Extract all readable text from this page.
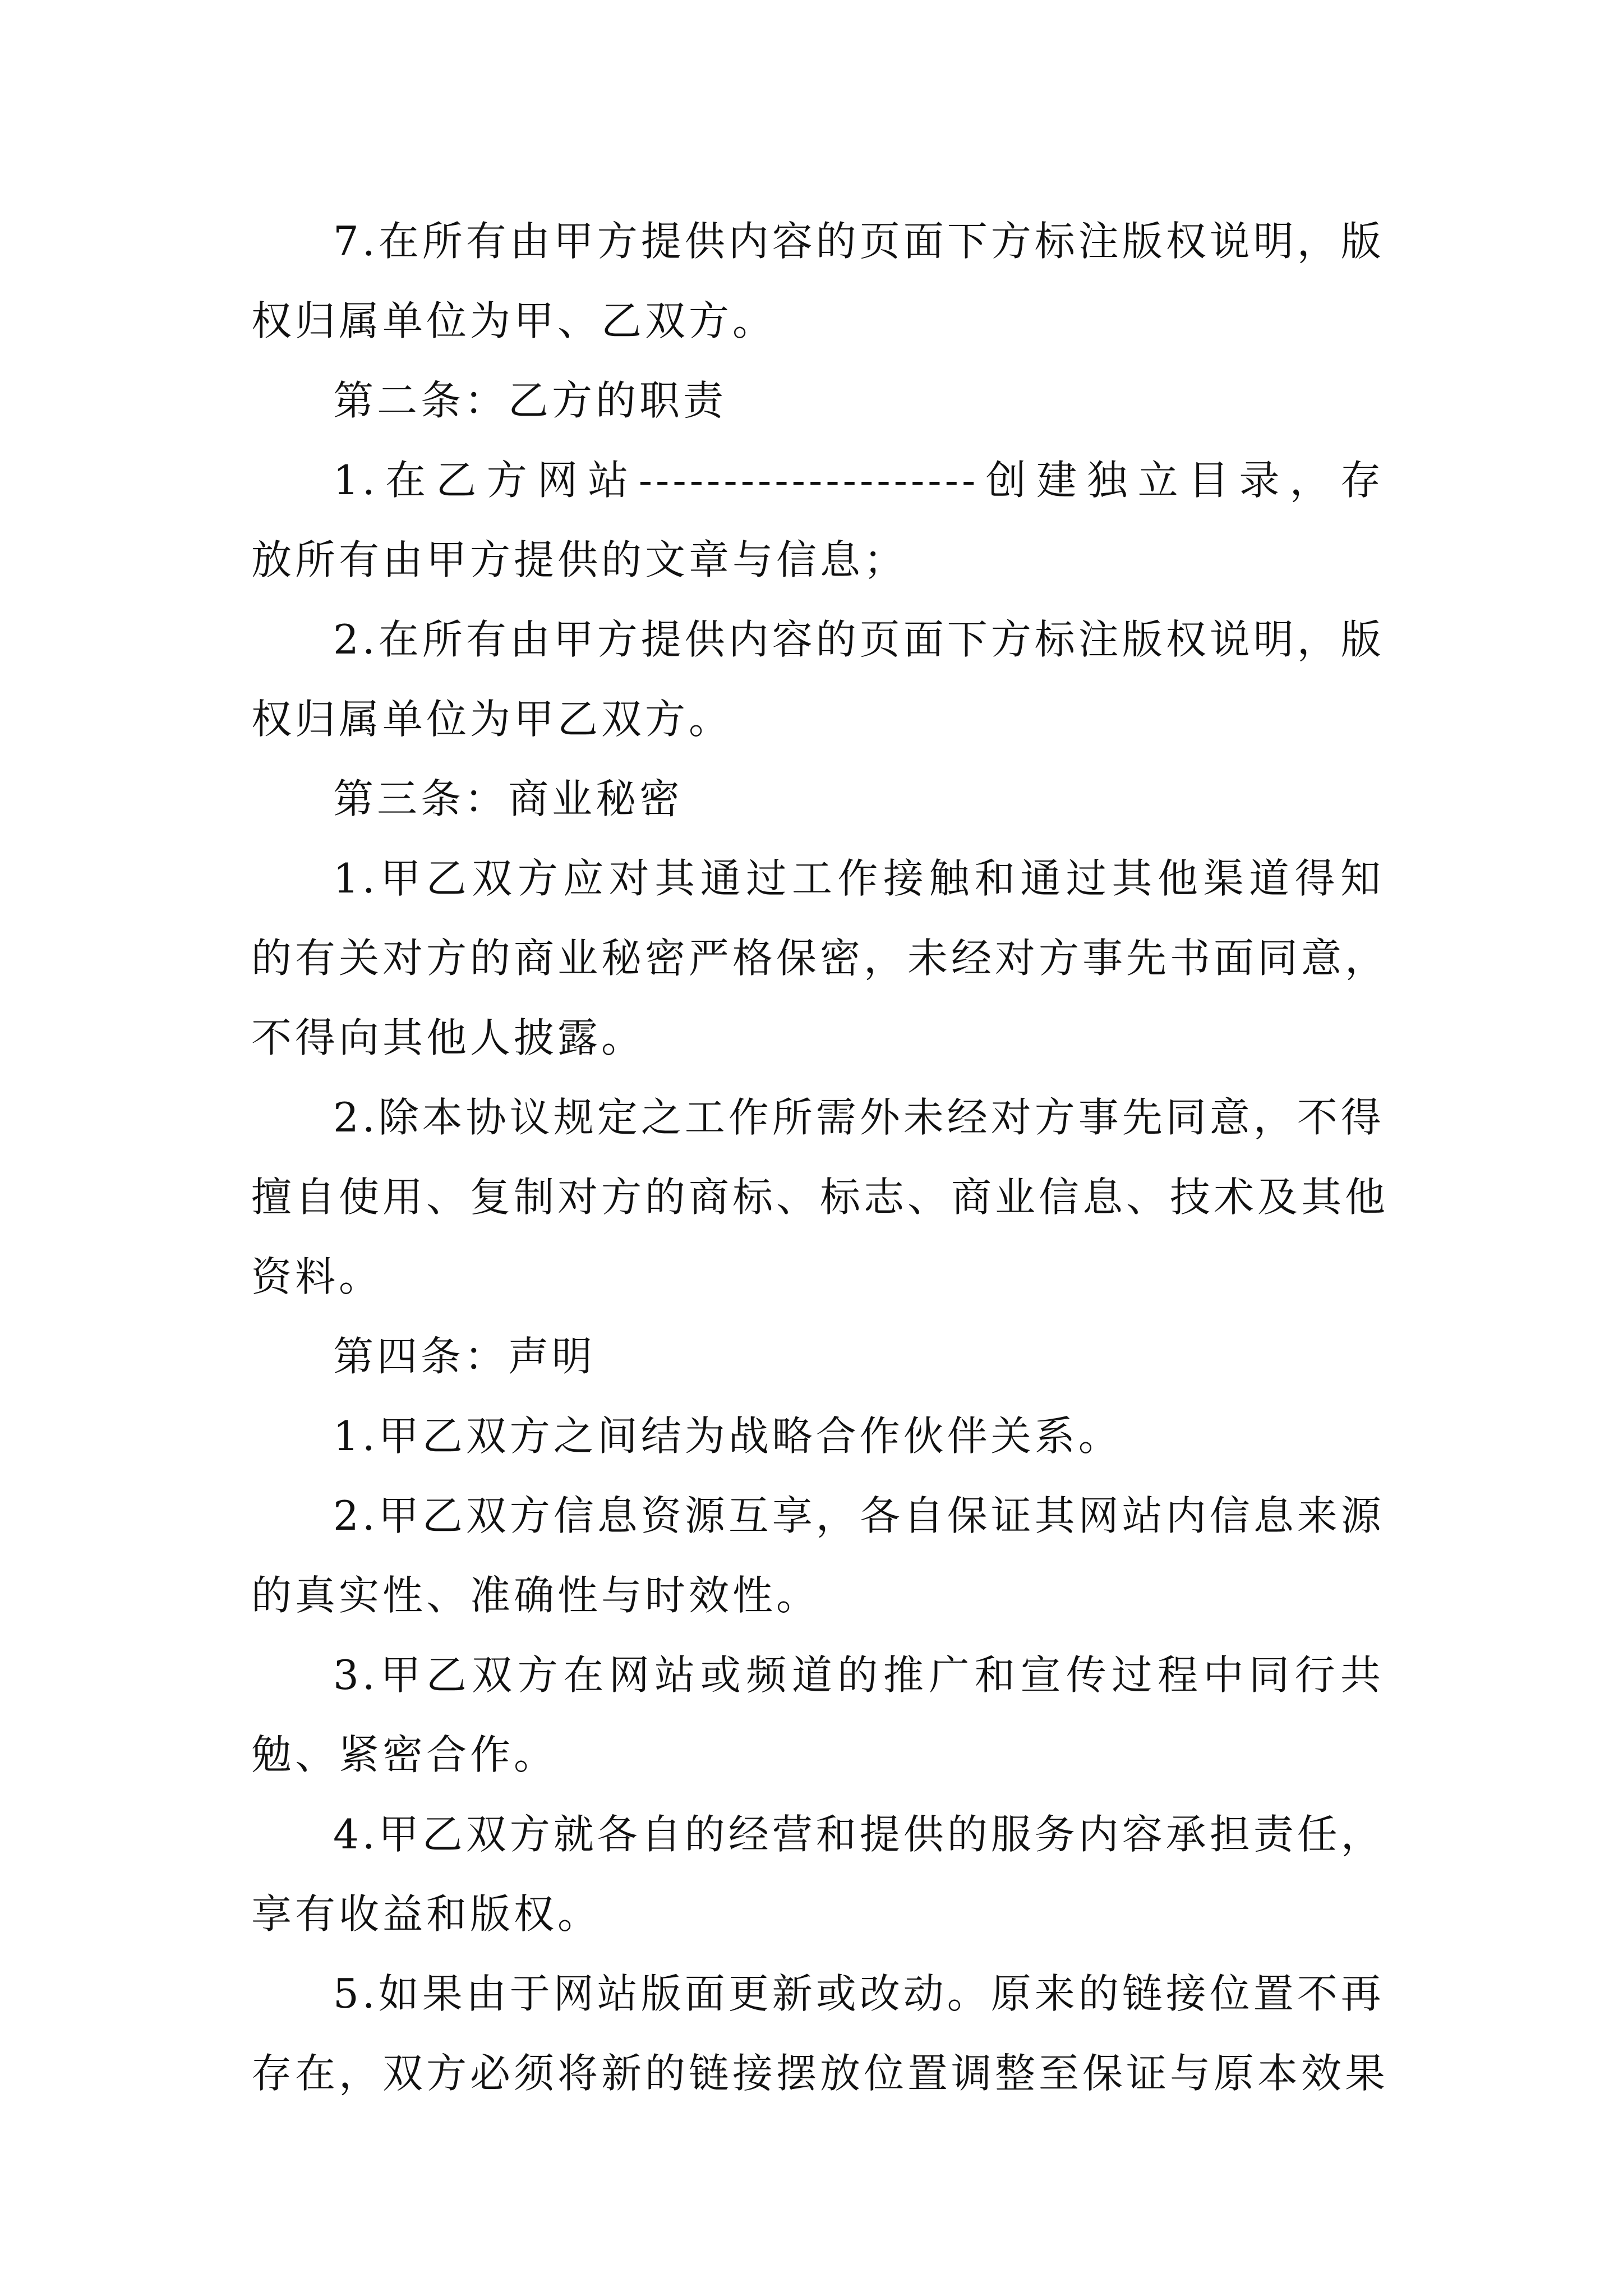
7.在所有由甲方提供内容的页面下方标注版权说明，版
权归属单位为甲、乙双方。
第二条：乙方的职责
1.在乙方网站--------------------创建独立目录，存
放所有由甲方提供的文章与信息；
2.在所有由甲方提供内容的页面下方标注版权说明，版
权归属单位为甲乙双方。
第三条：商业秘密
1.甲乙双方应对其通过工作接触和通过其他渠道得知
的有关对方的商业秘密严格保密，未经对方事先书面同意，
不得向其他人披露。
2.除本协议规定之工作所需外未经对方事先同意，不得
擅自使用、复制对方的商标、标志、商业信息、技术及其他
资料。
第四条：声明
1.甲乙双方之间结为战略合作伙伴关系。
2.甲乙双方信息资源互享，各自保证其网站内信息来源
的真实性、准确性与时效性。
3.甲乙双方在网站或频道的推广和宣传过程中同行共
勉、紧密合作。
4.甲乙双方就各自的经营和提供的服务内容承担责任，
享有收益和版权。
5.如果由于网站版面更新或改动。原来的链接位置不再
存在，双方必须将新的链接摆放位置调整至保证与原本效果
